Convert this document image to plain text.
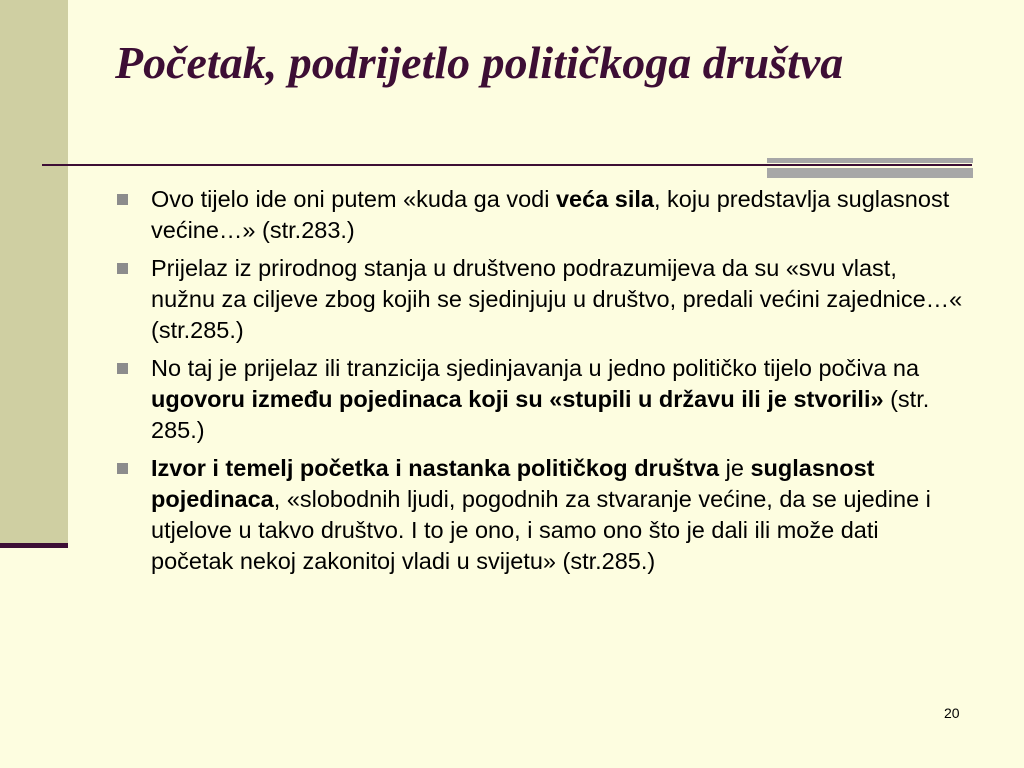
Početak, podrijetlo političkoga društva
Ovo tijelo ide oni putem «kuda ga vodi veća sila, koju predstavlja suglasnost većine…» (str.283.)
Prijelaz iz prirodnog stanja u društveno podrazumijeva da su «svu vlast, nužnu za ciljeve zbog kojih se sjedinjuju u društvo, predali većini zajednice…« (str.285.)
No taj je prijelaz ili tranzicija sjedinjavanja u jedno političko tijelo počiva na ugovoru između pojedinaca koji su «stupili u državu ili je stvorili» (str. 285.)
Izvor i temelj početka i nastanka političkog društva je suglasnost pojedinaca, «slobodnih ljudi, pogodnih za stvaranje većine, da se ujedine i utjelove u takvo društvo. I to je ono, i samo ono što je dali ili može dati početak nekoj zakonitoj vladi u svijetu» (str.285.)
20
